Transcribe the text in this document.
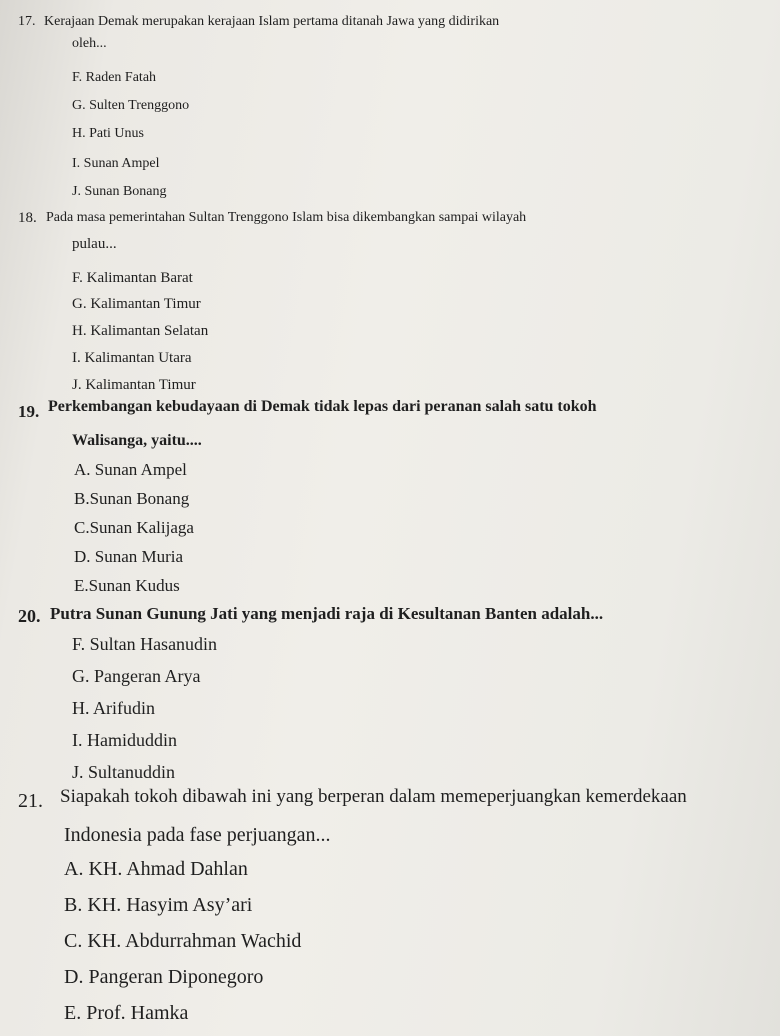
17. Kerajaan Demak merupakan kerajaan Islam pertama ditanah Jawa yang didirikan
oleh...
F. Raden Fatah
G. Sulten Trenggono
H. Pati Unus
I. Sunan Ampel
J. Sunan Bonang
18. Pada masa pemerintahan Sultan Trenggono Islam bisa dikembangkan sampai wilayah
pulau...
F. Kalimantan Barat
G. Kalimantan Timur
H. Kalimantan Selatan
I. Kalimantan Utara
J. Kalimantan Timur
19. Perkembangan kebudayaan di Demak tidak lepas dari peranan salah satu tokoh
Walisanga, yaitu....
A. Sunan Ampel
B.Sunan Bonang
C.Sunan Kalijaga
D. Sunan Muria
E.Sunan Kudus
20. Putra Sunan Gunung Jati yang menjadi raja di Kesultanan Banten adalah...
F. Sultan Hasanudin
G. Pangeran Arya
H. Arifudin
I. Hamiduddin
J. Sultanuddin
21. Siapakah tokoh dibawah ini yang berperan dalam memeperjuangkan kemerdekaan
Indonesia pada fase perjuangan...
A. KH. Ahmad Dahlan
B. KH. Hasyim Asy’ari
C. KH. Abdurrahman Wachid
D. Pangeran Diponegoro
E. Prof. Hamka
